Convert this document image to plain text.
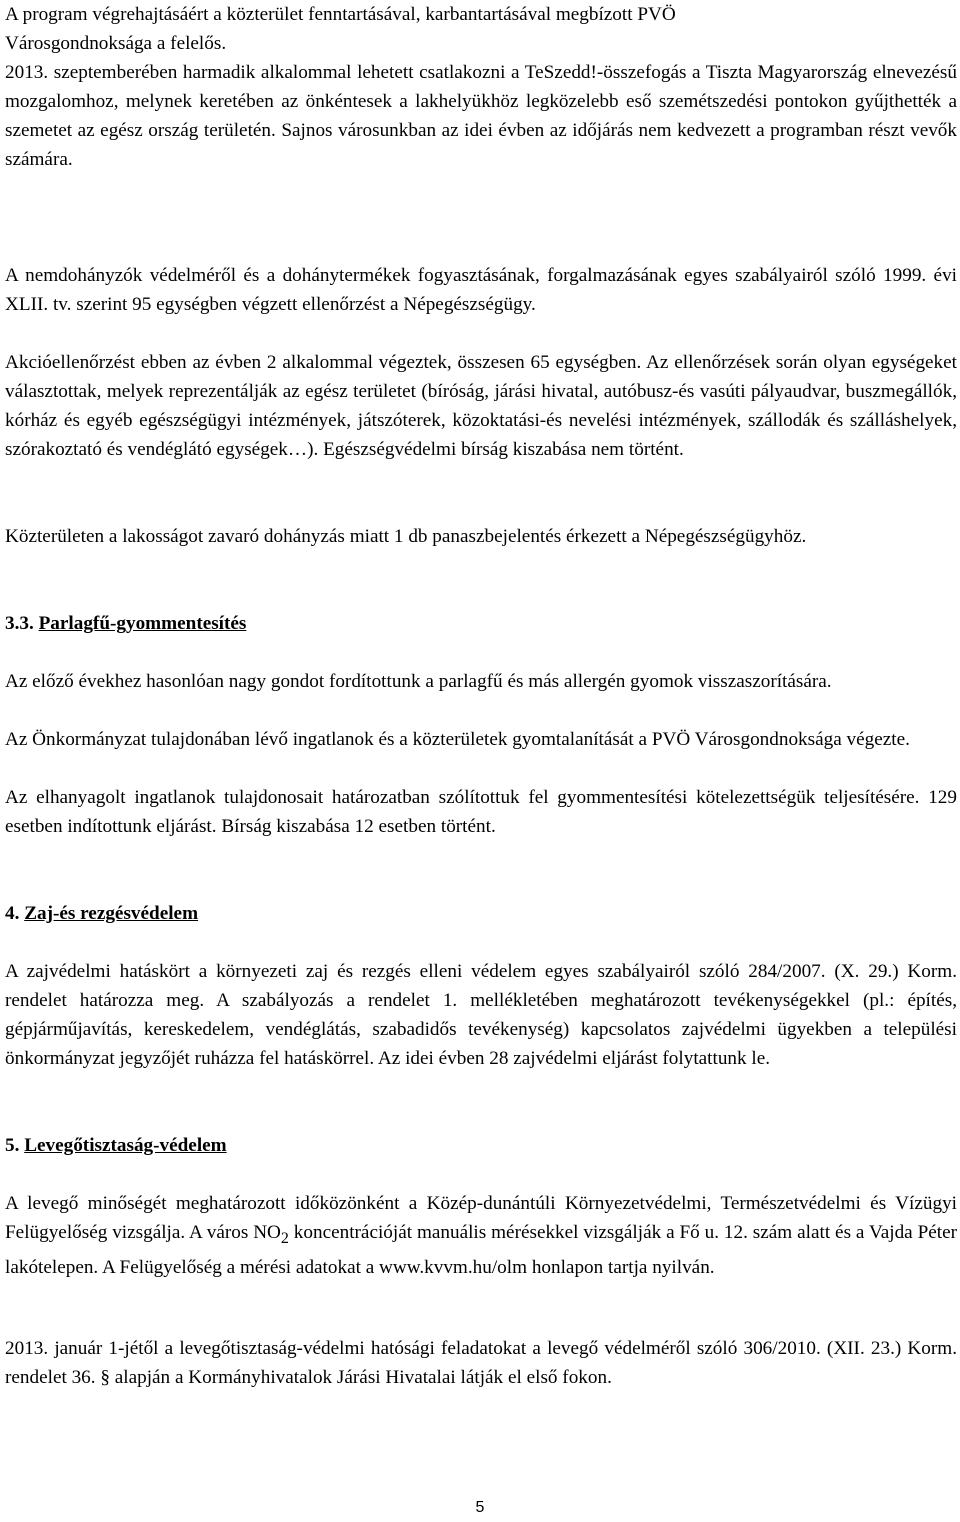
A program végrehajtásáért a közterület fenntartásával, karbantartásával megbízott PVÖ
Városgondnoksága a felelős.

2013. szeptemberében harmadik alkalommal lehetett csatlakozni a TeSzedd!-összefogás a Tiszta Magyarország elnevezésű mozgalomhoz, melynek keretében az önkéntesek a lakhelyükhöz legközelebb eső szemétszedési pontokon gyűjthették a szemetet az egész ország területén. Sajnos városunkban az idei évben az időjárás nem kedvezett a programban részt vevők számára.

A nemdohányzók védelméről és a dohánytermékek fogyasztásának, forgalmazásának egyes szabályairól szóló 1999. évi XLII. tv. szerint 95 egységben végzett ellenőrzést a Népegészségügy.

Akcióellenőrzést ebben az évben 2 alkalommal végeztek, összesen 65 egységben. Az ellenőrzések során olyan egységeket választottak, melyek reprezentálják az egész területet (bíróság, járási hivatal, autóbusz-és vasúti pályaudvar, buszmegállók, kórház és egyéb egészségügyi intézmények, játszóterek, közoktatási-és nevelési intézmények, szállodák és szálláshelyek, szórakoztató és vendéglátó egységek…). Egészségvédelmi bírság kiszabása nem történt.

Közterületen a lakosságot zavaró dohányzás miatt 1 db panaszbejelentés érkezett a Népegészségügyhöz.

3.3. Parlagfű-gyommentesítés

Az előző évekhez hasonlóan nagy gondot fordítottunk a parlagfű és más allergén gyomok visszaszorítására.

Az Önkormányzat tulajdonában lévő ingatlanok és a közterületek gyomtalanítását a PVÖ Városgondnoksága végezte.

Az elhanyagolt ingatlanok tulajdonosait határozatban szólítottuk fel gyommentesítési kötelezettségük teljesítésére. 129 esetben indítottunk eljárást. Bírság kiszabása 12 esetben történt.

4. Zaj-és rezgésvédelem

A zajvédelmi hatáskört a környezeti zaj és rezgés elleni védelem egyes szabályairól szóló 284/2007. (X. 29.) Korm. rendelet határozza meg. A szabályozás a rendelet 1. mellékletében meghatározott tevékenységekkel (pl.: építés, gépjárműjavítás, kereskedelem, vendéglátás, szabadidős tevékenység) kapcsolatos zajvédelmi ügyekben a települési önkormányzat jegyzőjét ruházza fel hatáskörrel. Az idei évben 28 zajvédelmi eljárást folytattunk le.

5. Levegőtisztaság-védelem

A levegő minőségét meghatározott időközönként a Közép-dunántúli Környezetvédelmi, Természetvédelmi és Vízügyi Felügyelőség vizsgálja. A város $NO_2$ koncentrációját manuális mérésekkel vizsgálják a Fő u. 12. szám alatt és a Vajda Péter lakótelepen. A Felügyelőség a mérési adatokat a www.kvvm.hu/olm honlapon tartja nyilván.

2013. január 1-jétől a levegőtisztaság-védelmi hatósági feladatokat a levegő védelméről szóló 306/2010. (XII. 23.) Korm. rendelet 36. § alapján a Kormányhivatalok Járási Hivatalai látják el első fokon.

5
